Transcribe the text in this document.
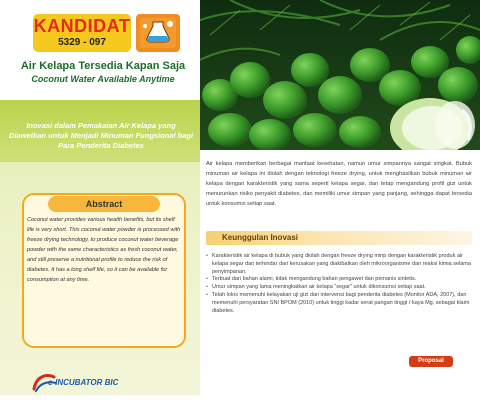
KANDIDAT
5329 - 097
Air Kelapa Tersedia Kapan Saja
Coconut Water Available Anytime
Inovasi dalam Pemakaian Air Kelapa yang Diawetkan untuk Menjadi Minuman Fungsional bagi Para Penderita Diabetes
Abstract
Coconut water provides various health benefits, but its shelf life is very short. This coconut water powder is processed with freeze drying technology, to produce coconut water beverage powder with the same characteristics as fresh coconut water, and still preserve a nutritional profile to reduce the risk of diabetes. It has a long shelf life, so it can be available for consumption at any time.
e-INCUBATOR BIC
Air kelapa memberikan berbagai manfaat kesehatan, namun umur simpannya sangat singkat. Bubuk minuman air kelapa ini diolah dengan teknologi freeze drying, untuk menghasilkan bubuk minuman air kelapa dengan karakteristik yang sama seperti kelapa segar, dan tetap mengandung profil gizi untuk menurunkan risiko penyakit diabetes, dan memiliki umur simpan yang panjang, sehingga dapat tersedia untuk konsumsi setiap saat.
Keunggulan Inovasi
• Karakteristik air kelapa di bubuk yang diolah dengan freeze drying mirip dengan karakteristik produk air kelapa segar dan terhindar dari kerusakan yang diakibatkan oleh mikroorganisme dan reaksi kimia selama penyimpanan.
• Terbuat dari bahan alami, tidak mengandung bahan pengawet dan pemanis sintetis.
• Umur simpan yang lama meningkatkan air kelapa "segar" untuk dikonsumsi setiap saat.
• Telah lolos memenuhi kelayakan uji gizi dan intervensi bagi penderita diabetes (Monitor ADA, 2007), dan memenuhi persyaratan SNI BPOM (2010) untuk tinggi kadar serat pangan tinggi / kaya Mg, sebagai klaim diabetes.
Proposal
